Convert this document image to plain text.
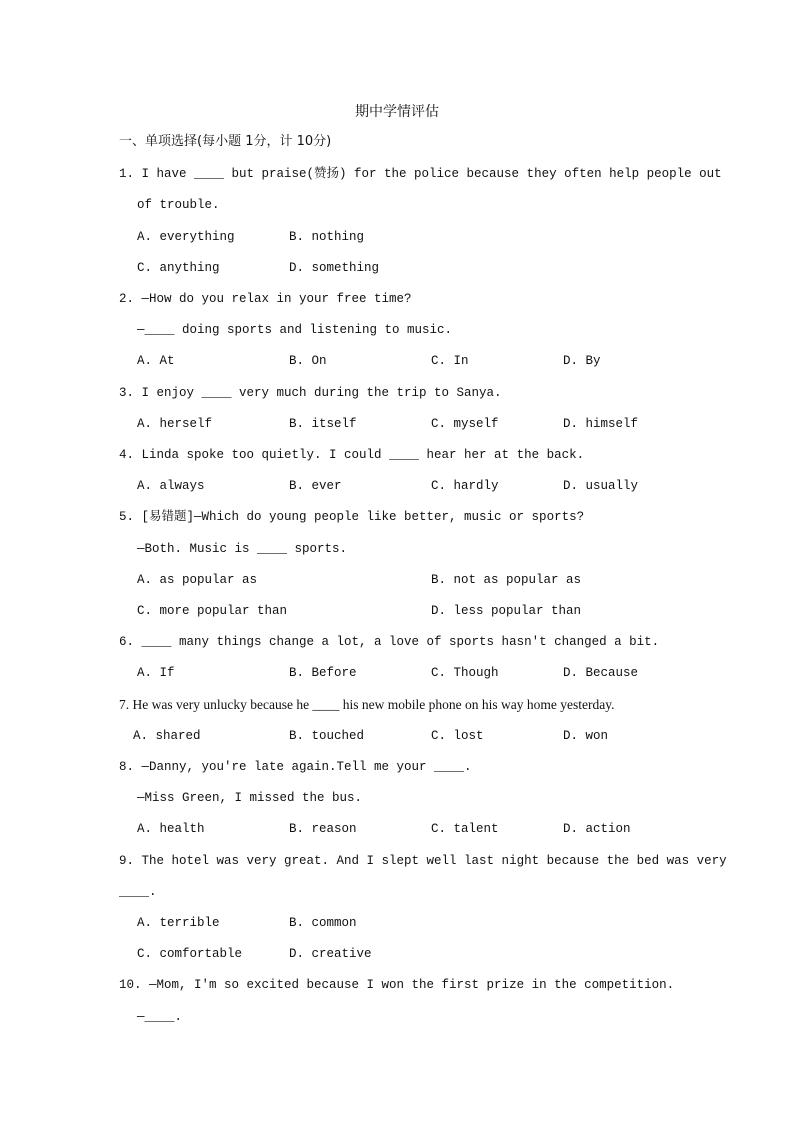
期中学情评估
一、单项选择(每小题 1分，计 10分)
1. I have ____ but praise(赞扬) for the police because they often help people out
of trouble.
A. everything	B. nothing
C. anything	D. something
2. —How do you relax in your free time?
—____ doing sports and listening to music.
A. At	B. On	C. In	D. By
3. I enjoy ____ very much during the trip to Sanya.
A. herself	B. itself	C. myself	D. himself
4. Linda spoke too quietly. I could ____ hear her at the back.
A. always	B. ever	C. hardly	D. usually
5. [易错题]—Which do young people like better, music or sports?
—Both. Music is ____ sports.
A. as popular as	B. not as popular as
C. more popular than	D. less popular than
6. ____ many things change a lot, a love of sports hasn't changed a bit.
A. If	B. Before	C. Though	D. Because
7. He was very unlucky because he ____ his new mobile phone on his way home yesterday.
A. shared	B. touched	C. lost	D. won
8. —Danny, you're late again.Tell me your ____.
—Miss Green, I missed the bus.
A. health	B. reason	C. talent	D. action
9. The hotel was very great. And I slept well last night because the bed was very
____.
A. terrible	B. common
C. comfortable	D. creative
10. —Mom, I'm so excited because I won the first prize in the competition.
—____.
